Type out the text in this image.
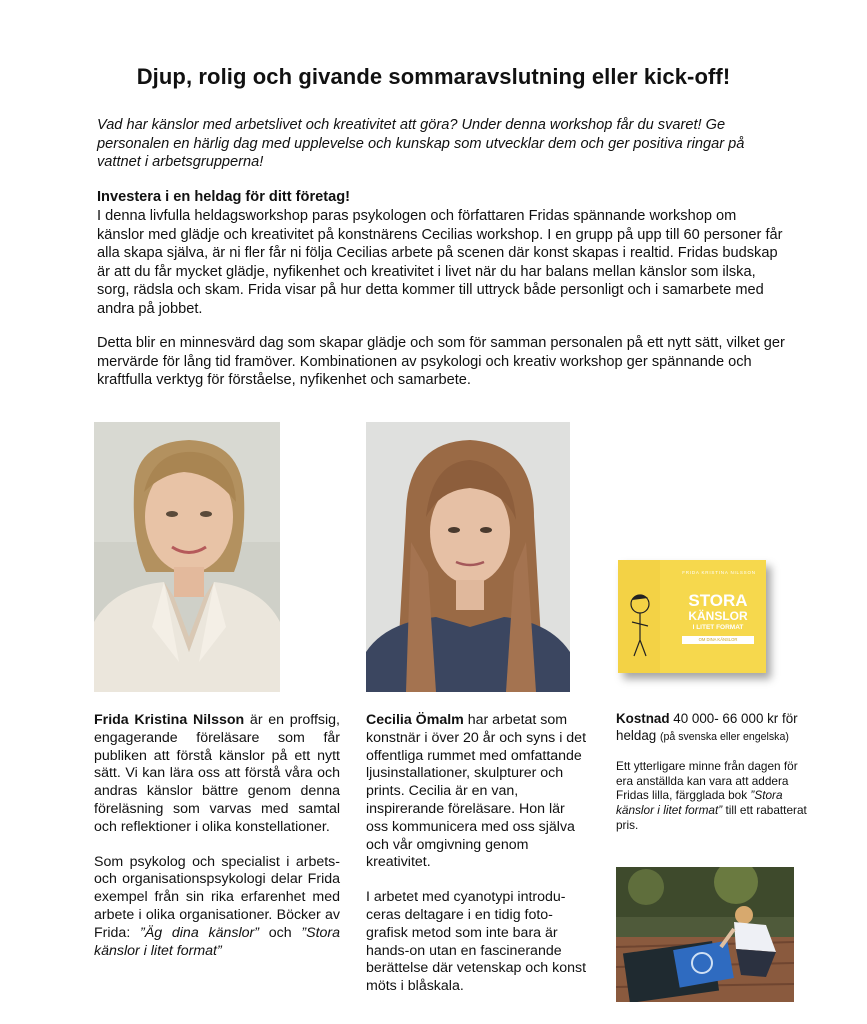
Djup, rolig och givande sommaravslutning eller kick-off!

Vad har känslor med arbetslivet och kreativitet att göra? Under denna workshop får du svaret! Ge personalen en härlig dag med upplevelse och kunskap som utvecklar dem och ger positiva ringar på vattnet i arbetsgrupperna!

Investera i en heldag för ditt företag!

I denna livfulla heldagsworkshop paras psykologen och författaren Fridas spännande workshop om känslor med glädje och kreativitet på konstnärens Cecilias workshop. I en grupp på upp till 60 personer får alla skapa själva, är ni fler får ni följa Cecilias arbete på scenen där konst skapas i realtid. Fridas budskap är att du får mycket glädje, nyfikenhet och kreativitet i livet när du har balans mellan känslor som ilska, sorg, rädsla och skam. Frida visar på hur detta kommer till uttryck både personligt och i samarbete med andra på jobbet.

Detta blir en minnesvärd dag som skapar glädje och som för samman personalen på ett nytt sätt, vilket ger mervärde för lång tid framöver. Kombinationen av psykologi och kreativ workshop ger spännande och kraftfulla verktyg för förståelse, nyfikenhet och samarbete.

FRIDA KRISTINA NILSSON
STORA
KÄNSLOR
I LITET FORMAT
OM DINA KÄNSLOR

Frida Kristina Nilsson är en proffsig, engagerande föreläsare som får publiken att förstå känslor på ett nytt sätt. Vi kan lära oss att förstå våra och andras känslor bättre genom denna föreläsning som varvas med samtal och reflektioner i olika konstellationer.

Som psykolog och specialist i arbets- och organisationspsykologi delar Frida exempel från sin rika erfarenhet med arbete i olika organisationer. Böcker av Frida: ”Äg dina känslor” och ”Stora känslor i litet format”

Cecilia Ömalm har arbetat som konstnär i över 20 år och syns i det offentliga rummet med omfattande ljusinstallationer, skulpturer och prints. Cecilia är en van, inspirerande föreläsare. Hon lär oss kommunicera med oss själva och vår omgivning genom kreativitet.

I arbetet med cyanotypi introdu-ceras deltagare i en tidig foto-grafisk metod som inte bara är hands-on utan en fascinerande berättelse där vetenskap och konst möts i blåskala.

Kostnad 40 000- 66 000 kr för heldag (på svenska eller engelska)

Ett ytterligare minne från dagen för era anställda kan vara att addera Fridas lilla, färgglada bok ”Stora känslor i litet format” till ett rabatterat pris.
